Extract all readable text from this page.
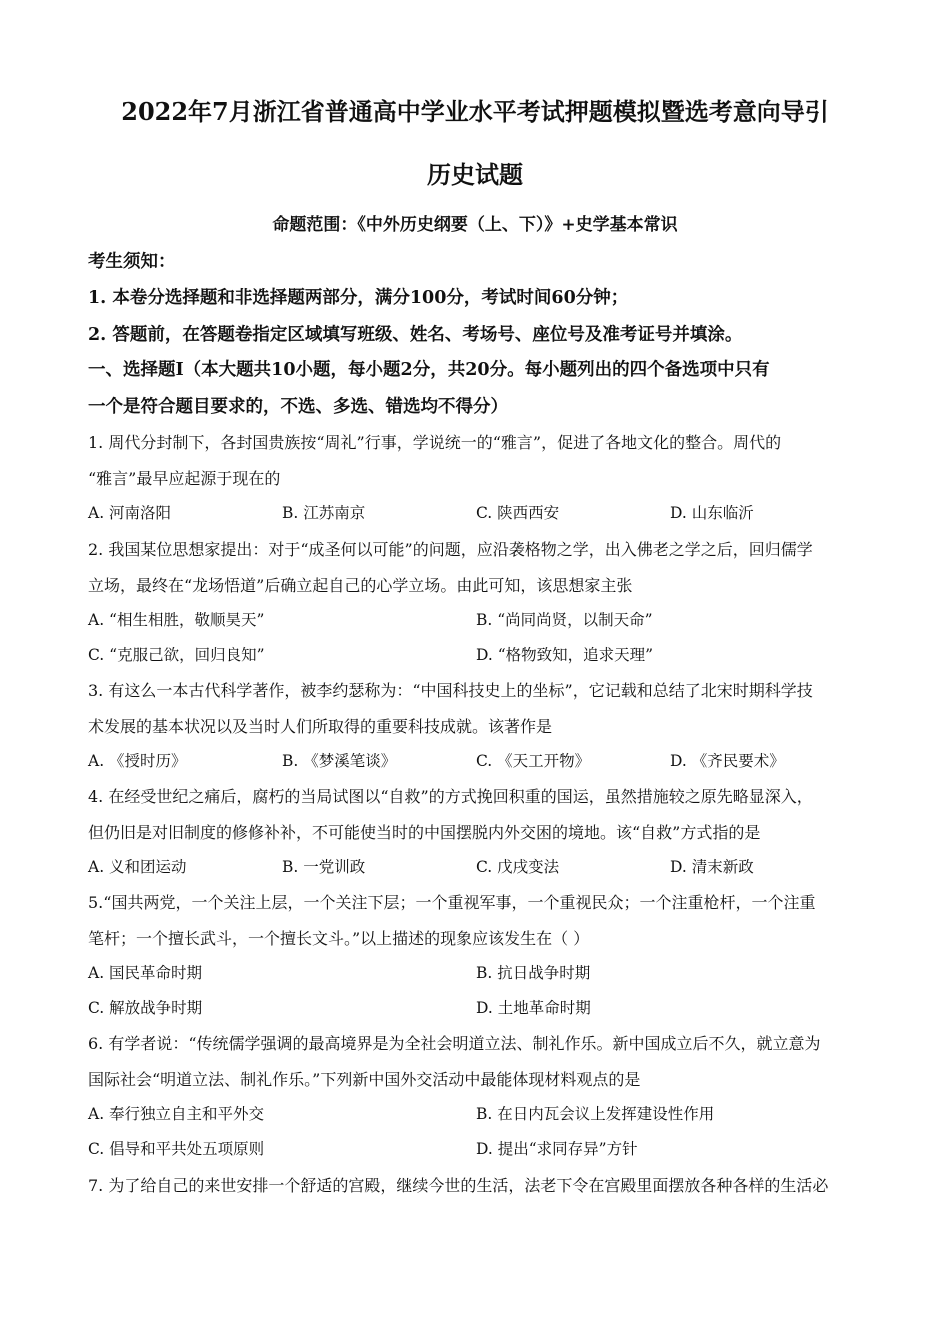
2022年7月浙江省普通高中学业水平考试押题模拟暨选考意向导引
历史试题
命题范围：《中外历史纲要（上、下）》+史学基本常识
考生须知：
1. 本卷分选择题和非选择题两部分，满分100分，考试时间60分钟；
2. 答题前，在答题卷指定区域填写班级、姓名、考场号、座位号及准考证号并填涂。
一、选择题Ⅰ（本大题共10小题，每小题2分，共20分。每小题列出的四个备选项中只有
一个是符合题目要求的，不选、多选、错选均不得分）
1. 周代分封制下，各封国贵族按“周礼”行事，学说统一的“雅言”，促进了各地文化的整合。周代的
“雅言”最早应起源于现在的
A. 河南洛阳	B. 江苏南京	C. 陕西西安	D. 山东临沂
2. 我国某位思想家提出：对于“成圣何以可能”的问题，应沿袭格物之学，出入佛老之学之后，回归儒学
立场，最终在“龙场悟道”后确立起自己的心学立场。由此可知，该思想家主张
A. “相生相胜，敬顺昊天”	B. “尚同尚贤，以制天命”
C. “克服己欲，回归良知”	D. “格物致知，追求天理”
3. 有这么一本古代科学著作，被李约瑟称为：“中国科技史上的坐标”，它记载和总结了北宋时期科学技
术发展的基本状况以及当时人们所取得的重要科技成就。该著作是
A. 《授时历》	B. 《梦溪笔谈》	C. 《天工开物》	D. 《齐民要术》
4. 在经受世纪之痛后，腐朽的当局试图以“自救”的方式挽回积重的国运，虽然措施较之原先略显深入，
但仍旧是对旧制度的修修补补，不可能使当时的中国摆脱内外交困的境地。该“自救”方式指的是
A. 义和团运动	B. 一党训政	C. 戊戌变法	D. 清末新政
5.“国共两党，一个关注上层，一个关注下层；一个重视军事，一个重视民众；一个注重枪杆，一个注重
笔杆；一个擅长武斗，一个擅长文斗。”以上描述的现象应该发生在（ ）
A. 国民革命时期	B. 抗日战争时期
C. 解放战争时期	D. 土地革命时期
6. 有学者说：“传统儒学强调的最高境界是为全社会明道立法、制礼作乐。新中国成立后不久，就立意为
国际社会“明道立法、制礼作乐。”下列新中国外交活动中最能体现材料观点的是
A. 奉行独立自主和平外交	B. 在日内瓦会议上发挥建设性作用
C. 倡导和平共处五项原则	D. 提出“求同存异”方针
7. 为了给自己的来世安排一个舒适的宫殿，继续今世的生活，法老下令在宫殿里面摆放各种各样的生活必
